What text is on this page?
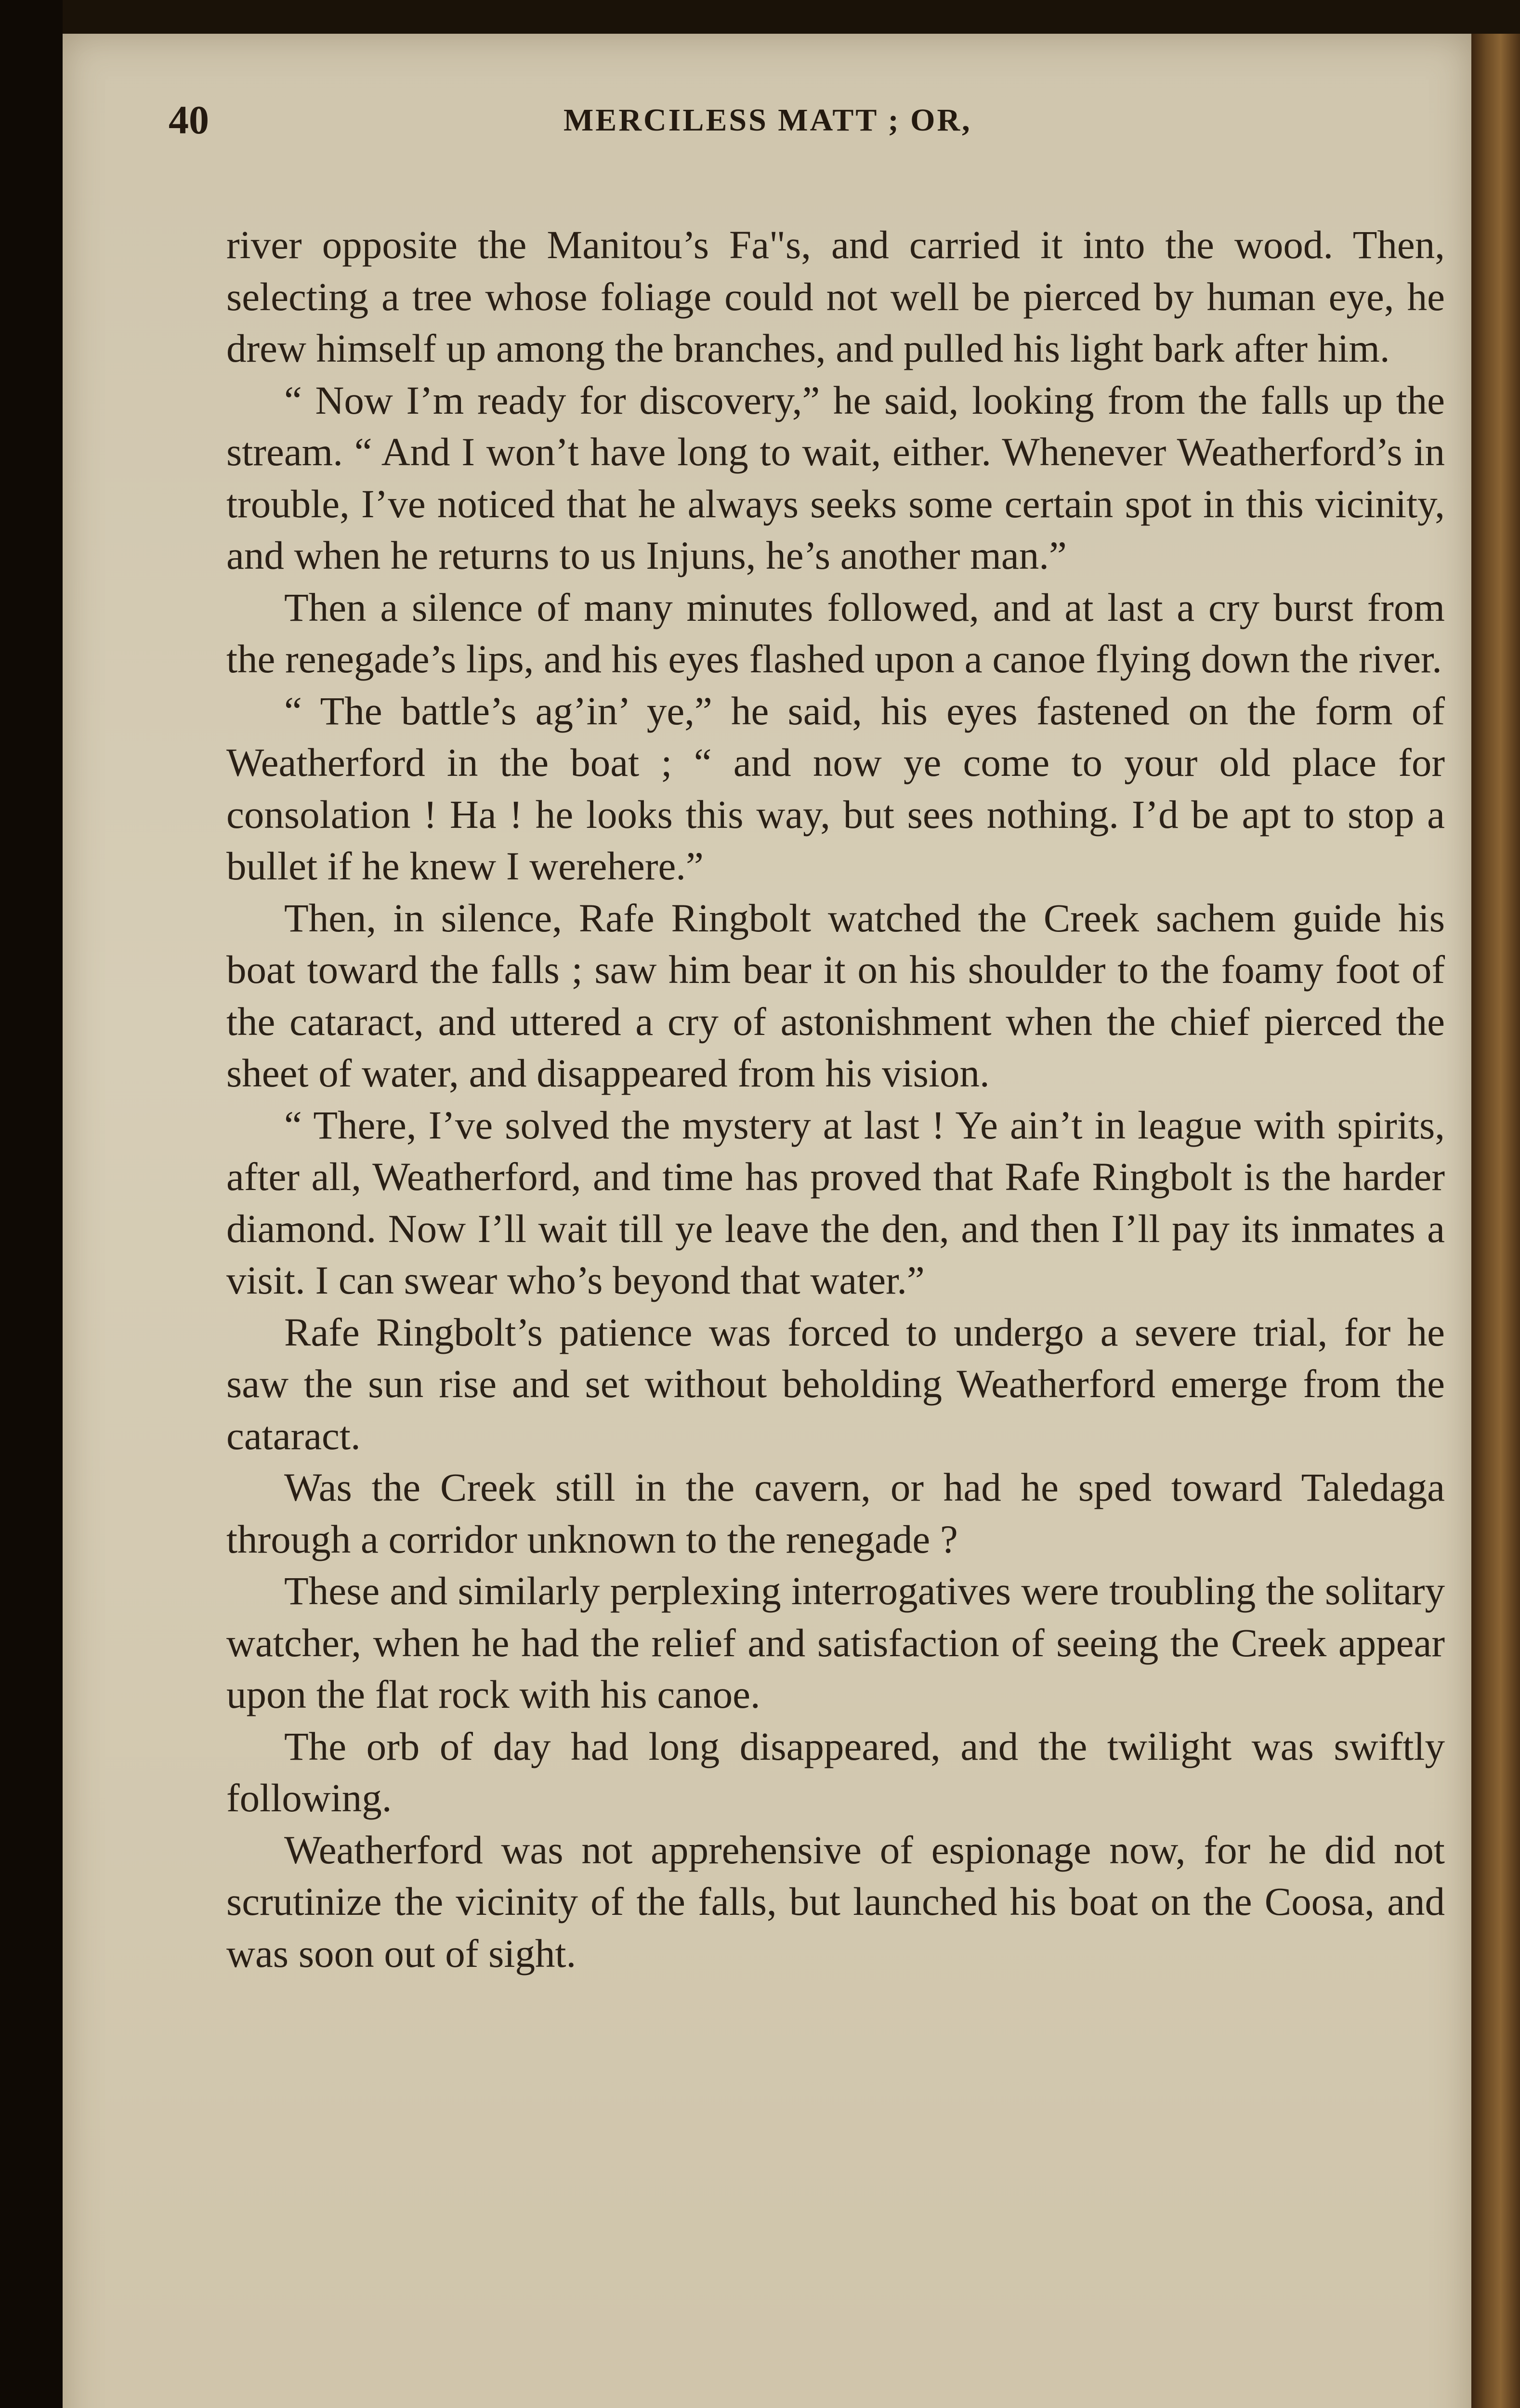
40	MERCILESS MATT ; OR,

river opposite the Manitou’s Fa"s, and carried it into the wood. Then, selecting a tree whose foliage could not well be pierced by human eye, he drew himself up among the branches, and pulled his light bark after him.

“ Now I’m ready for discovery,” he said, looking from the falls up the stream. “ And I won’t have long to wait, either. Whenever Weatherford’s in trouble, I’ve noticed that he always seeks some certain spot in this vicinity, and when he returns to us Injuns, he’s another man.”

Then a silence of many minutes followed, and at last a cry burst from the renegade’s lips, and his eyes flashed upon a canoe flying down the river.

“ The battle’s ag’in’ ye,” he said, his eyes fastened on the form of Weatherford in the boat ; “ and now ye come to your old place for consolation ! Ha ! he looks this way, but sees nothing. I’d be apt to stop a bullet if he knew I werehere.”

Then, in silence, Rafe Ringbolt watched the Creek sachem guide his boat toward the falls ; saw him bear it on his shoulder to the foamy foot of the cataract, and uttered a cry of astonishment when the chief pierced the sheet of water, and disappeared from his vision.

“ There, I’ve solved the mystery at last ! Ye ain’t in league with spirits, after all, Weatherford, and time has proved that Rafe Ringbolt is the harder diamond. Now I’ll wait till ye leave the den, and then I’ll pay its inmates a visit. I can swear who’s beyond that water.”

Rafe Ringbolt’s patience was forced to undergo a severe trial, for he saw the sun rise and set without beholding Weatherford emerge from the cataract.

Was the Creek still in the cavern, or had he sped toward Taledaga through a corridor unknown to the renegade ?

These and similarly perplexing interrogatives were troubling the solitary watcher, when he had the relief and satisfaction of seeing the Creek appear upon the flat rock with his canoe.

The orb of day had long disappeared, and the twilight was swiftly following.

Weatherford was not apprehensive of espionage now, for he did not scrutinize the vicinity of the falls, but launched his boat on the Coosa, and was soon out of sight.
